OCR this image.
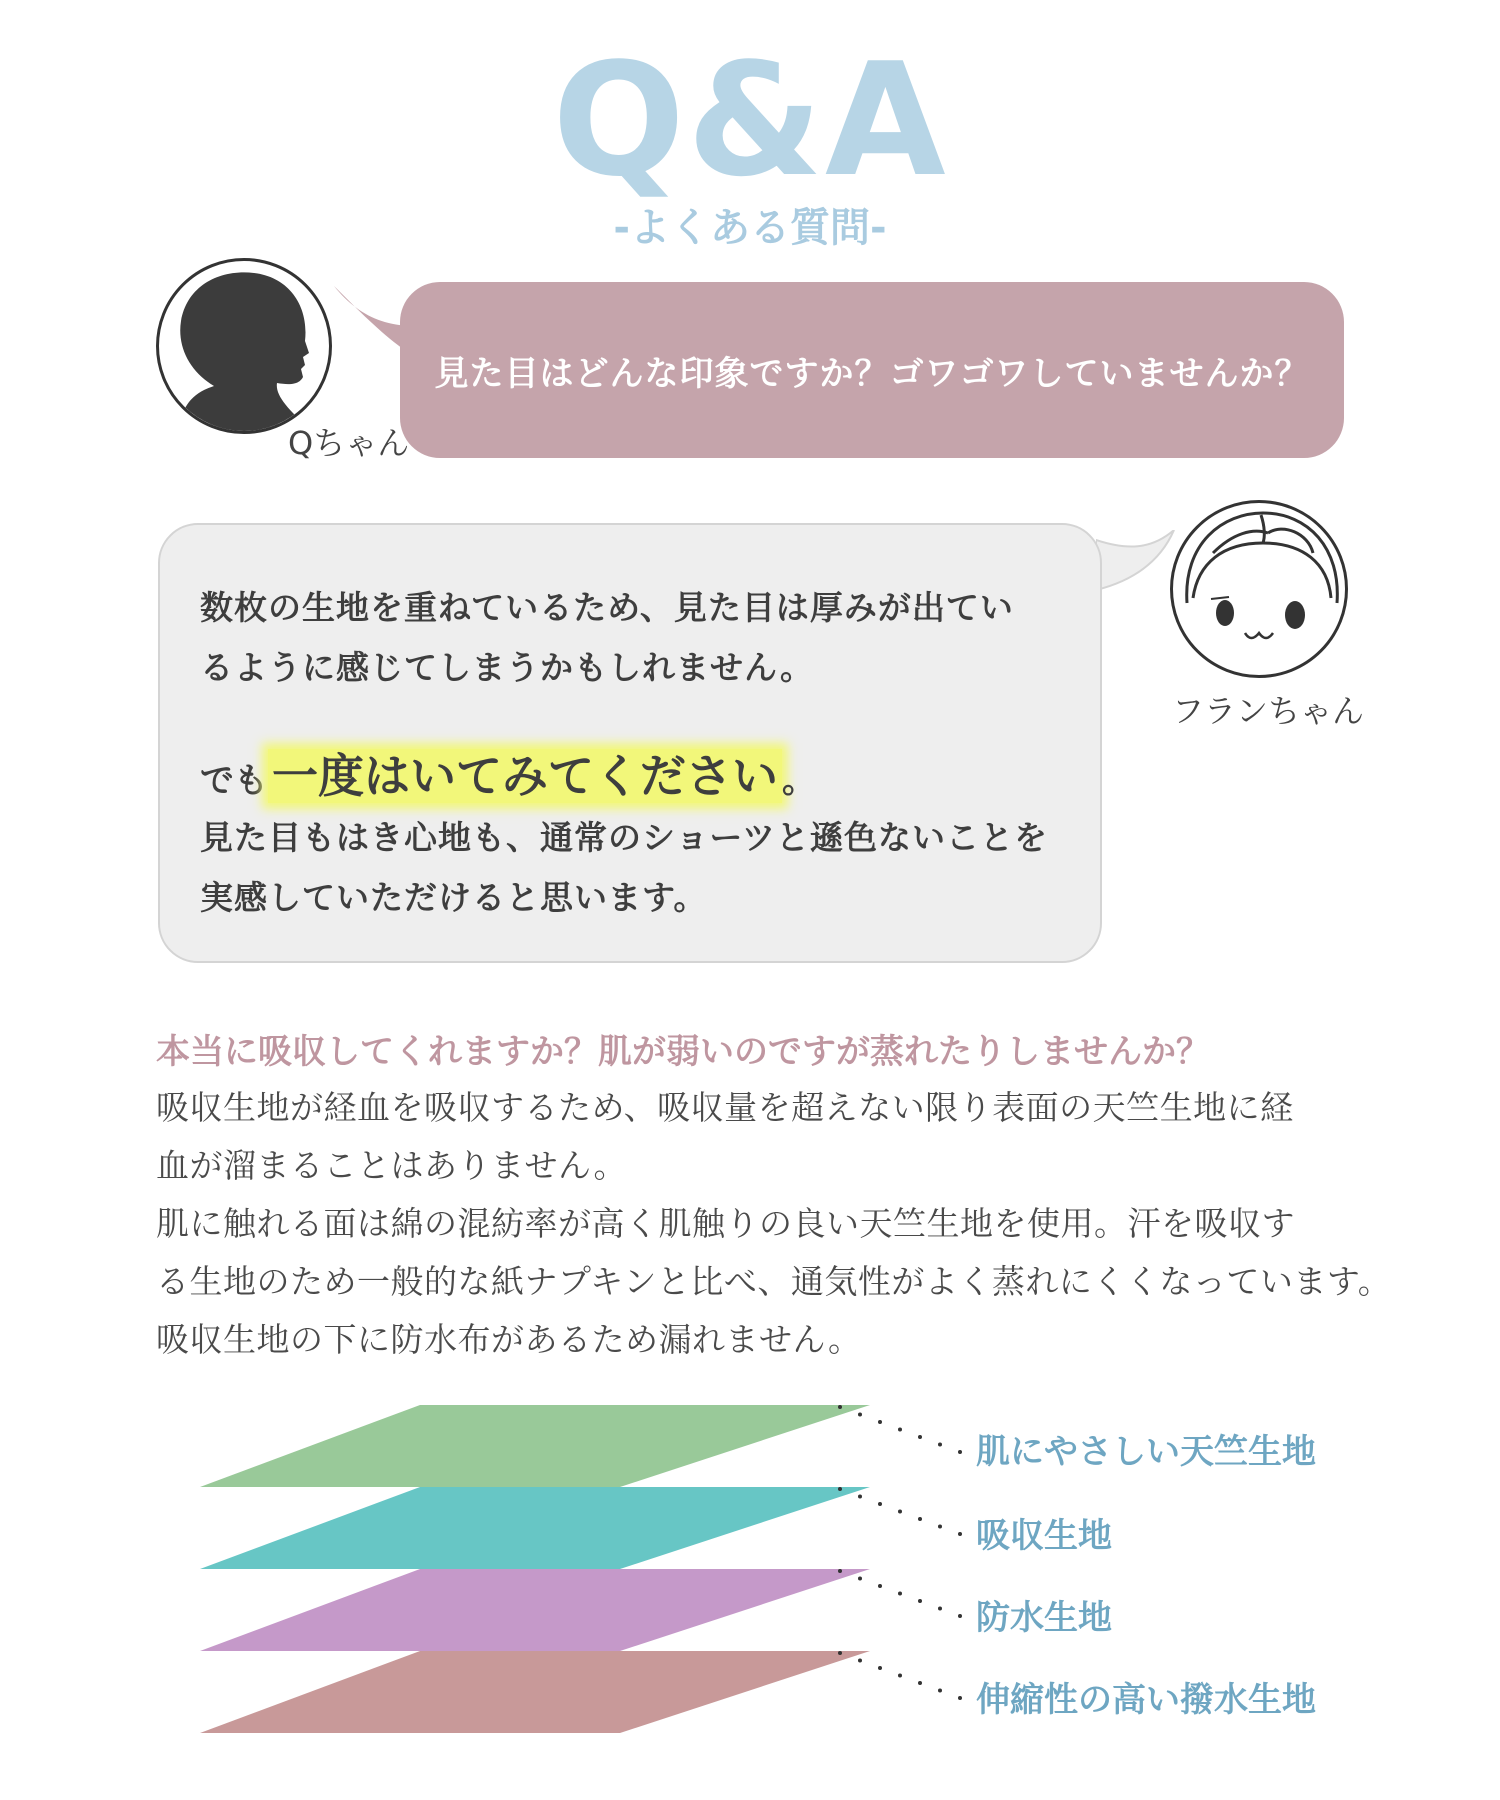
Q&A
-よくある質問-
見た目はどんな印象ですか？ゴワゴワしていませんか？
Qちゃん
数枚の生地を重ねているため、見た目は厚みが出てい
るように感じてしまうかもしれません。
でも一度はいてみてください 。
見た目もはき心地も、通常のショーツと遜色ないことを
実感していただけると思います。
フランちゃん
本当に吸収してくれますか？肌が弱いのですが蒸れたりしませんか？
吸収生地が経血を吸収するため、吸収量を超えない限り表面の天竺生地に経
血が溜まることはありません。
肌に触れる面は綿の混紡率が高く肌触りの良い天竺生地を使用。汗を吸収す
る生地のため一般的な紙ナプキンと比べ、通気性がよく蒸れにくくなっています。
吸収生地の下に防水布があるため漏れません。
肌にやさしい天竺生地
吸収生地
防水生地
伸縮性の高い撥水生地
